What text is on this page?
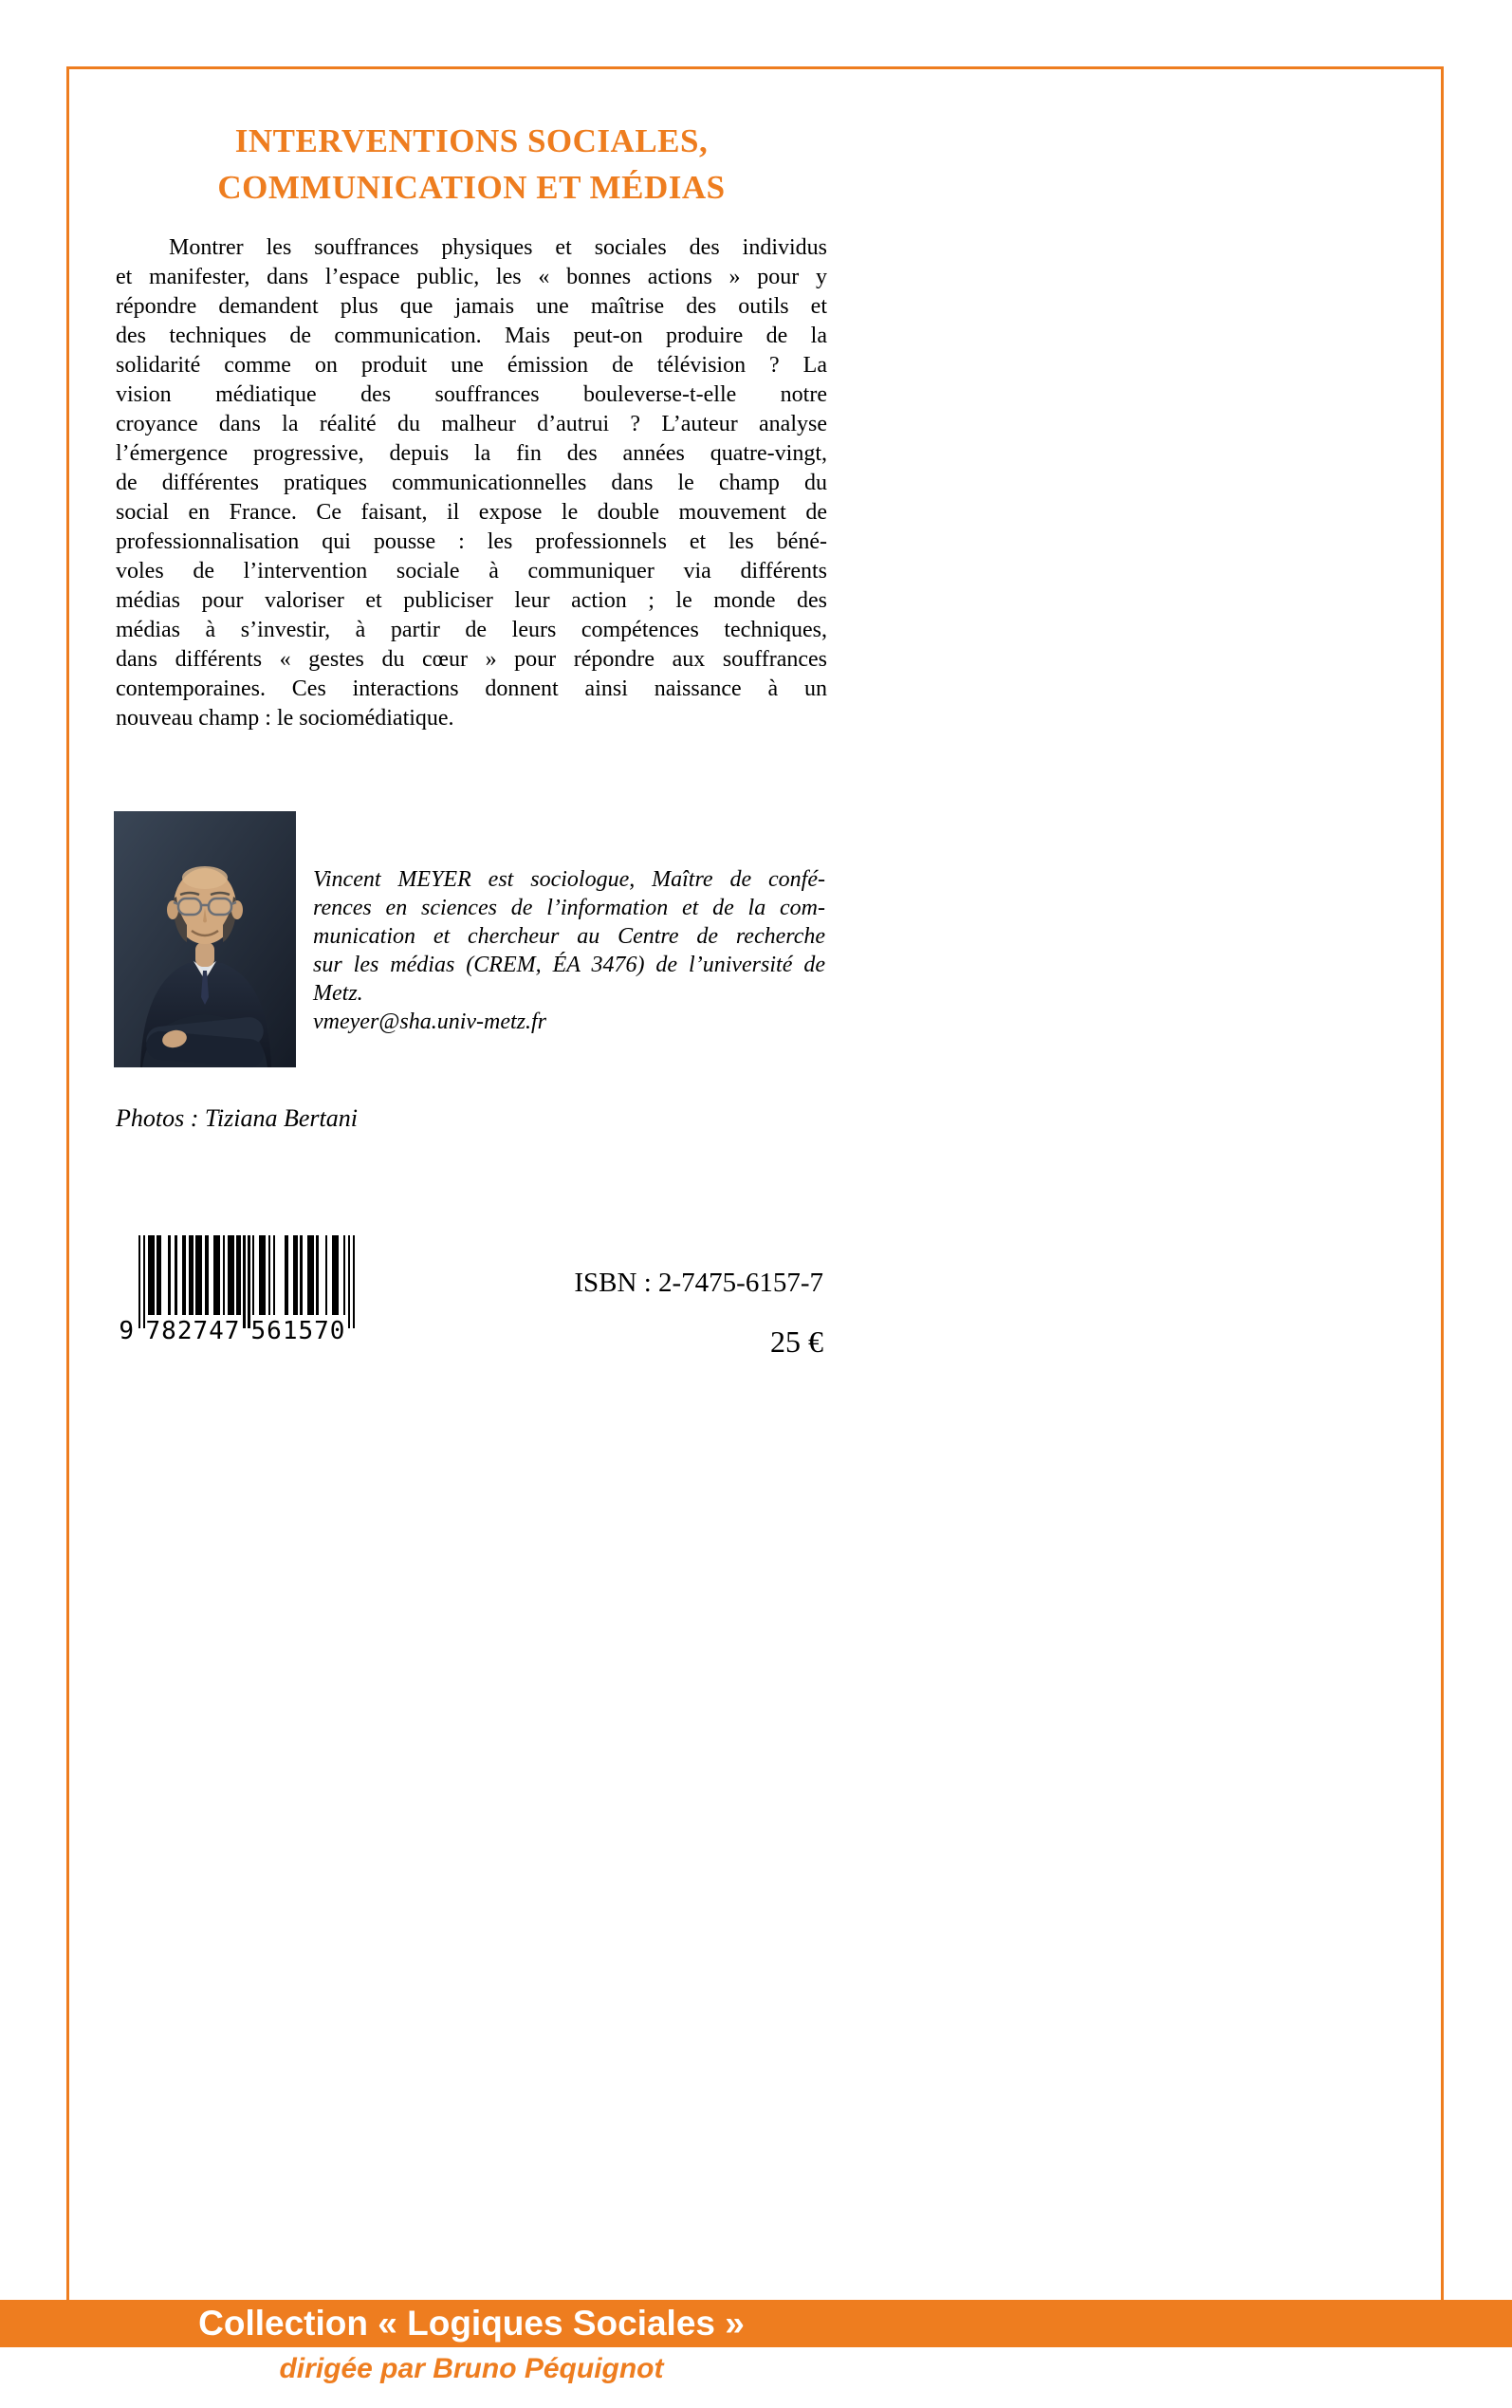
INTERVENTIONS SOCIALES,
COMMUNICATION ET MÉDIAS
Montrer les souffrances physiques et sociales des individus
et manifester, dans l’espace public, les « bonnes actions » pour y
répondre demandent plus que jamais une maîtrise des outils et
des techniques de communication. Mais peut-on produire de la
solidarité comme on produit une émission de télévision ? La
vision médiatique des souffrances bouleverse-t-elle notre
croyance dans la réalité du malheur d’autrui ? L’auteur analyse
l’émergence progressive, depuis la fin des années quatre-vingt,
de différentes pratiques communicationnelles dans le champ du
social en France. Ce faisant, il expose le double mouvement de
professionnalisation qui pousse : les professionnels et les béné-
voles de l’intervention sociale à communiquer via différents
médias pour valoriser et publiciser leur action ; le monde des
médias à s’investir, à partir de leurs compétences techniques,
dans différents « gestes du cœur » pour répondre aux souffrances
contemporaines. Ces interactions donnent ainsi naissance à un
nouveau champ : le sociomédiatique.
Vincent MEYER est sociologue, Maître de confé-
rences en sciences de l’information et de la com-
munication et chercheur au Centre de recherche
sur les médias (CREM, ÉA 3476) de l’université de
Metz.
vmeyer@sha.univ-metz.fr
Photos : Tiziana Bertani
9 782747 561570
ISBN : 2-7475-6157-7
25 €
Collection « Logiques Sociales »
dirigée par Bruno Péquignot
